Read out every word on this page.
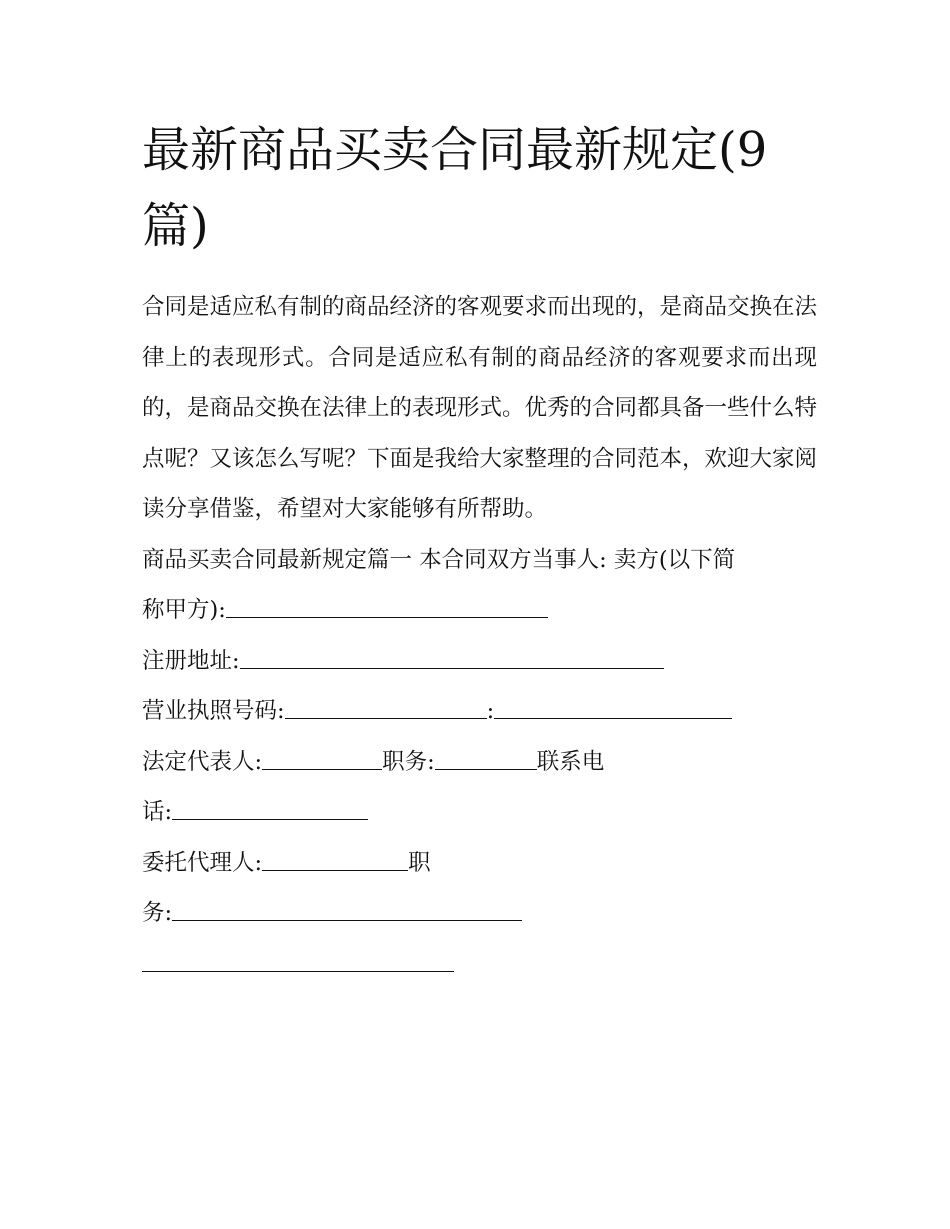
最新商品买卖合同最新规定(9篇)

合同是适应私有制的商品经济的客观要求而出现的，是商品交换在法律上的表现形式。合同是适应私有制的商品经济的客观要求而出现的，是商品交换在法律上的表现形式。优秀的合同都具备一些什么特点呢？又该怎么写呢？下面是我给大家整理的合同范本，欢迎大家阅读分享借鉴，希望对大家能够有所帮助。

商品买卖合同最新规定篇一 本合同双方当事人: 卖方(以下简

称甲方):

注册地址:

营业执照号码:	:

法定代表人:	职务:	联系电

话:

委托代理人:	职

务:
